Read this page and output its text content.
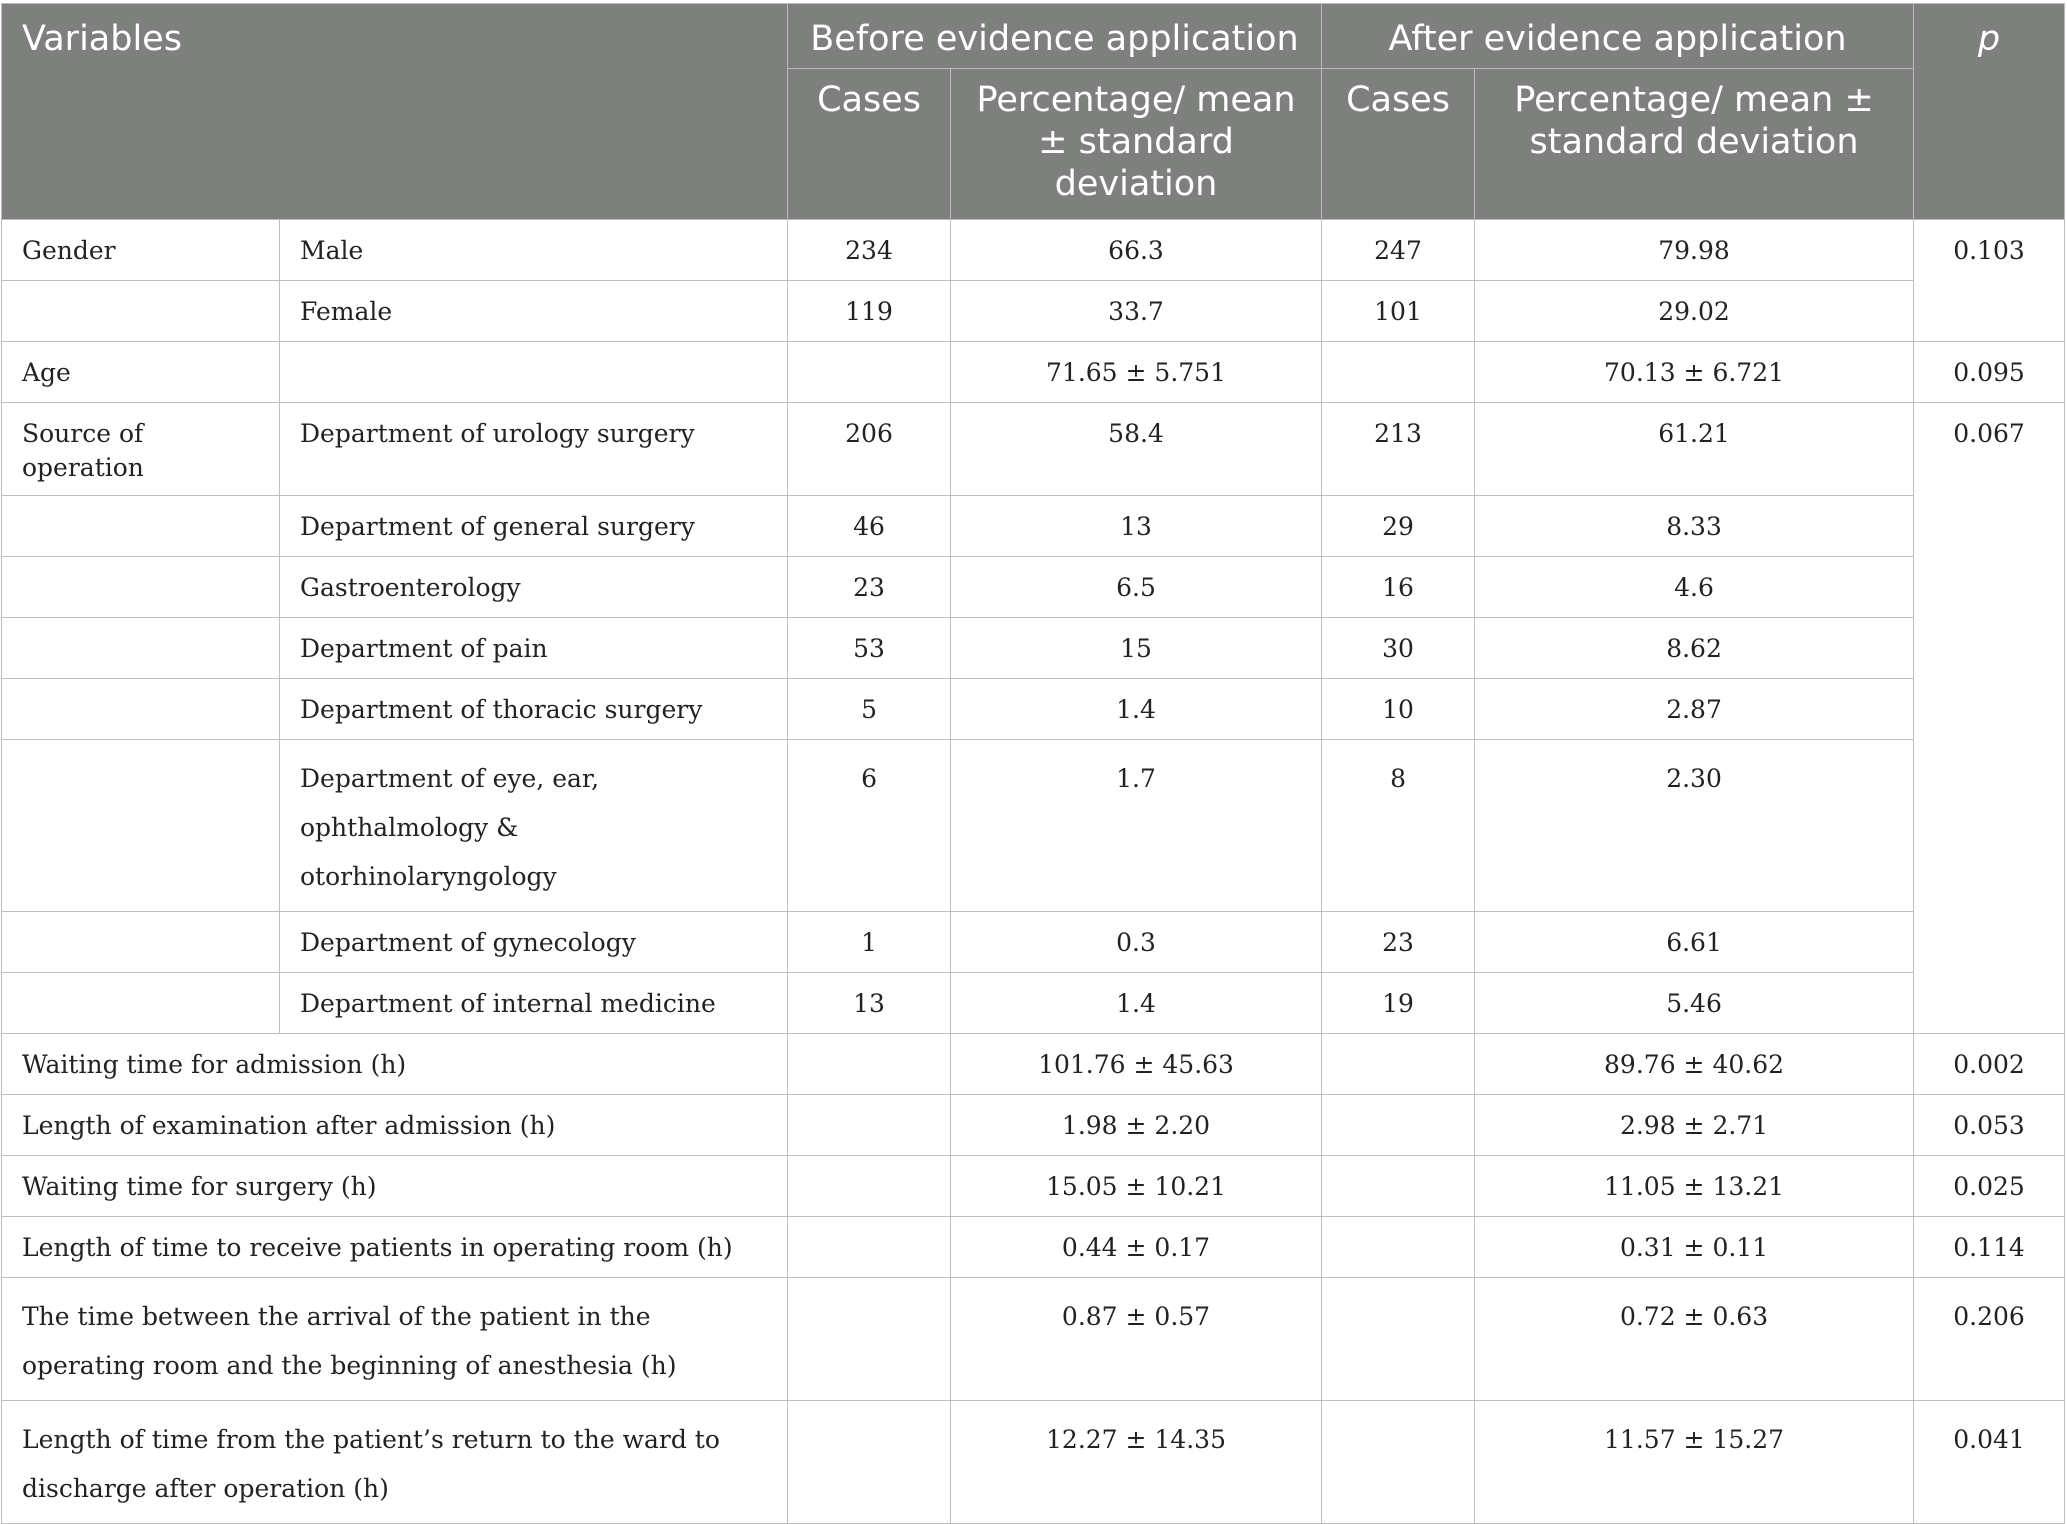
Variables		Before evidence application		After evidence application		p
		Cases	Percentage/ mean ± standard deviation	Cases	Percentage/ mean ± standard deviation	
Gender	Male	234	66.3	247	79.98	0.103
	Female	119	33.7	101	29.02	
Age			71.65 ± 5.751		70.13 ± 6.721	0.095
Source of operation	Department of urology surgery	206	58.4	213	61.21	0.067
	Department of general surgery	46	13	29	8.33	
	Gastroenterology	23	6.5	16	4.6	
	Department of pain	53	15	30	8.62	
	Department of thoracic surgery	5	1.4	10	2.87	
	Department of eye, ear, ophthalmology & otorhinolaryngology	6	1.7	8	2.30	
	Department of gynecology	1	0.3	23	6.61	
	Department of internal medicine	13	1.4	19	5.46	
Waiting time for admission (h)			101.76 ± 45.63		89.76 ± 40.62	0.002
Length of examination after admission (h)			1.98 ± 2.20		2.98 ± 2.71	0.053
Waiting time for surgery (h)			15.05 ± 10.21		11.05 ± 13.21	0.025
Length of time to receive patients in operating room (h)			0.44 ± 0.17		0.31 ± 0.11	0.114
The time between the arrival of the patient in the operating room and the beginning of anesthesia (h)			0.87 ± 0.57		0.72 ± 0.63	0.206
Length of time from the patient’s return to the ward to discharge after operation (h)			12.27 ± 14.35		11.57 ± 15.27	0.041
